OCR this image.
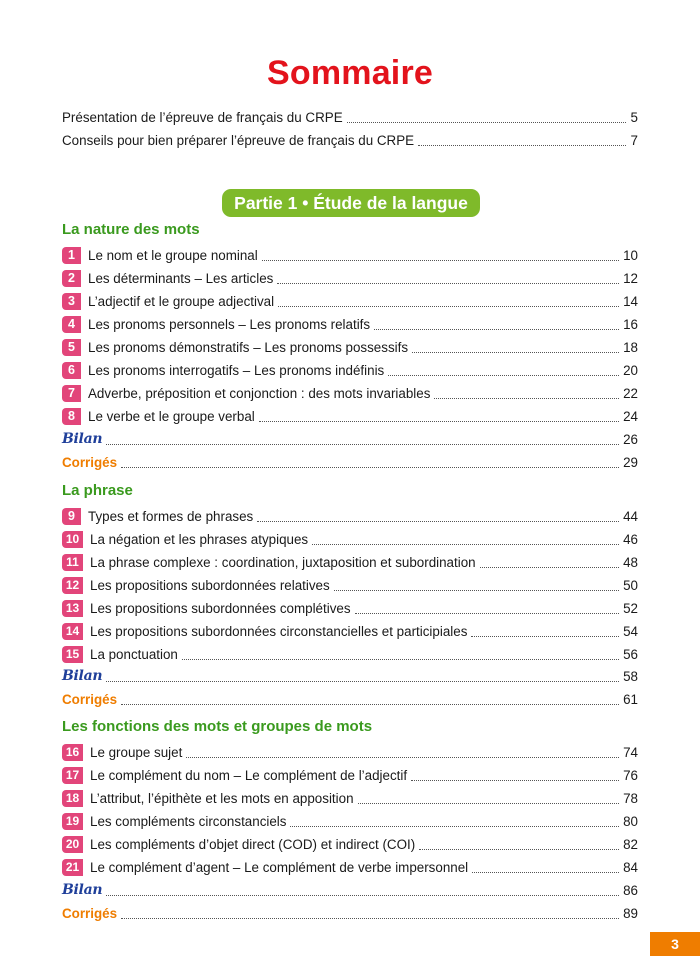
Sommaire
Présentation de l’épreuve de français du CRPE	5
Conseils pour bien préparer l’épreuve de français du CRPE	7
Partie 1 • Étude de la langue
La nature des mots
1 Le nom et le groupe nominal	10
2 Les déterminants – Les articles	12
3 L’adjectif et le groupe adjectival	14
4 Les pronoms personnels – Les pronoms relatifs	16
5 Les pronoms démonstratifs – Les pronoms possessifs	18
6 Les pronoms interrogatifs – Les pronoms indéfinis	20
7 Adverbe, préposition et conjonction : des mots invariables	22
8 Le verbe et le groupe verbal	24
Bilan	26
Corrigés	29
La phrase
9 Types et formes de phrases	44
10 La négation et les phrases atypiques	46
11 La phrase complexe : coordination, juxtaposition et subordination	48
12 Les propositions subordonnées relatives	50
13 Les propositions subordonnées complétives	52
14 Les propositions subordonnées circonstancielles et participiales	54
15 La ponctuation	56
Bilan	58
Corrigés	61
Les fonctions des mots et groupes de mots
16 Le groupe sujet	74
17 Le complément du nom – Le complément de l’adjectif	76
18 L’attribut, l’épithète et les mots en apposition	78
19 Les compléments circonstanciels	80
20 Les compléments d’objet direct (COD) et indirect (COI)	82
21 Le complément d’agent – Le complément de verbe impersonnel	84
Bilan	86
Corrigés	89
3
